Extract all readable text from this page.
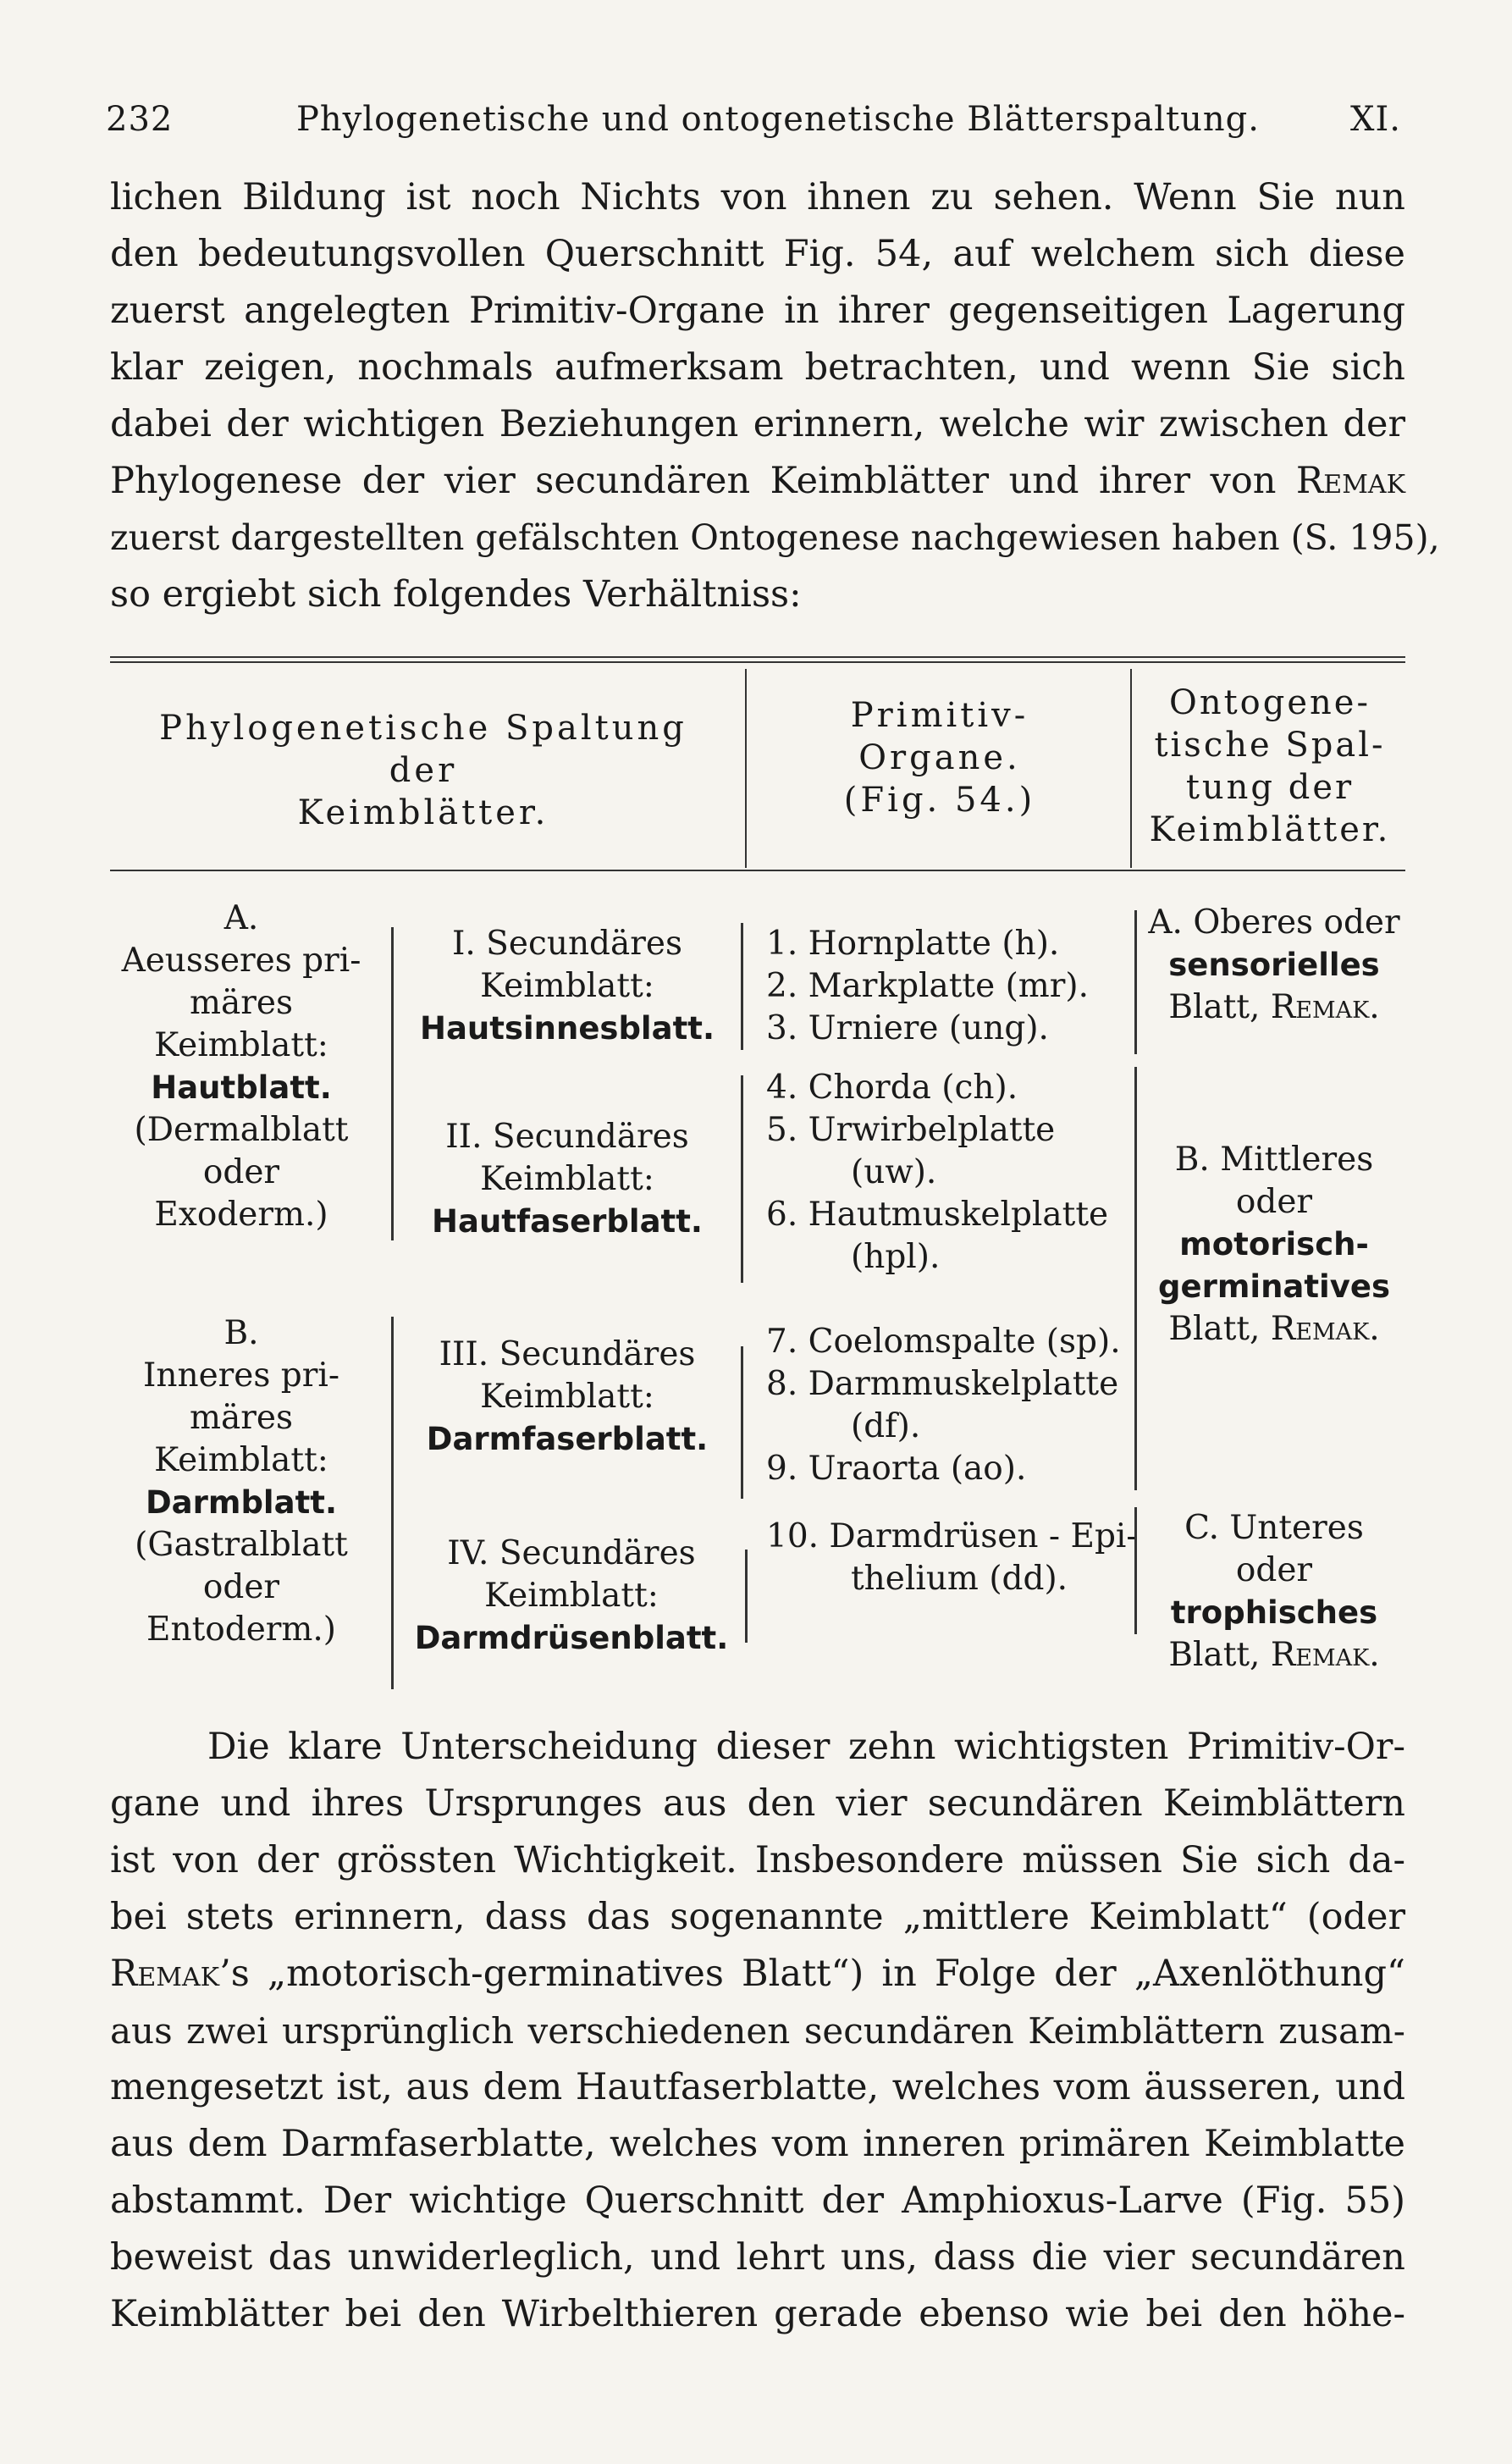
232	Phylogenetische und ontogenetische Blätterspaltung.	XI.
lichen Bildung ist noch Nichts von ihnen zu sehen. Wenn Sie nun
den bedeutungsvollen Querschnitt Fig. 54, auf welchem sich diese
zuerst angelegten Primitiv-Organe in ihrer gegenseitigen Lagerung
klar zeigen, nochmals aufmerksam betrachten, und wenn Sie sich
dabei der wichtigen Beziehungen erinnern, welche wir zwischen der
Phylogenese der vier secundären Keimblätter und ihrer von Remak
zuerst dargestellten gefälschten Ontogenese nachgewiesen haben (S. 195),
so ergiebt sich folgendes Verhältniss:
Phylogenetische Spaltung
der
Keimblätter.
Primitiv-
Organe.
(Fig. 54.)
Ontogene-
tische Spal-
tung der
Keimblätter.
A.
Aeusseres pri-
märes
Keimblatt:
Hautblatt.
(Dermalblatt
oder
Exoderm.)
B.
Inneres pri-
märes
Keimblatt:
Darmblatt.
(Gastralblatt
oder
Entoderm.)
I. Secundäres
Keimblatt:
Hautsinnesblatt.
II. Secundäres
Keimblatt:
Hautfaserblatt.
III. Secundäres
Keimblatt:
Darmfaserblatt.
IV. Secundäres
Keimblatt:
Darmdrüsenblatt.
1. Hornplatte (h).
2. Markplatte (mr).
3. Urniere (ung).
4. Chorda (ch).
5. Urwirbelplatte
(uw).
6. Hautmuskelplatte
(hpl).
7. Coelomspalte (sp).
8. Darmmuskelplatte
(df).
9. Uraorta (ao).
10. Darmdrüsen - Epi-
thelium (dd).
A. Oberes oder
sensorielles
Blatt, Remak.
B. Mittleres
oder
motorisch-
germinatives
Blatt, Remak.
C. Unteres oder
trophisches
Blatt, Remak.
Die klare Unterscheidung dieser zehn wichtigsten Primitiv-Or-
gane und ihres Ursprunges aus den vier secundären Keimblättern
ist von der grössten Wichtigkeit. Insbesondere müssen Sie sich da-
bei stets erinnern, dass das sogenannte „mittlere Keimblatt“ (oder
Remak’s „motorisch-germinatives Blatt“) in Folge der „Axenlöthung“
aus zwei ursprünglich verschiedenen secundären Keimblättern zusam-
mengesetzt ist, aus dem Hautfaserblatte, welches vom äusseren, und
aus dem Darmfaserblatte, welches vom inneren primären Keimblatte
abstammt. Der wichtige Querschnitt der Amphioxus-Larve (Fig. 55)
beweist das unwiderleglich, und lehrt uns, dass die vier secundären
Keimblätter bei den Wirbelthieren gerade ebenso wie bei den höhe-
